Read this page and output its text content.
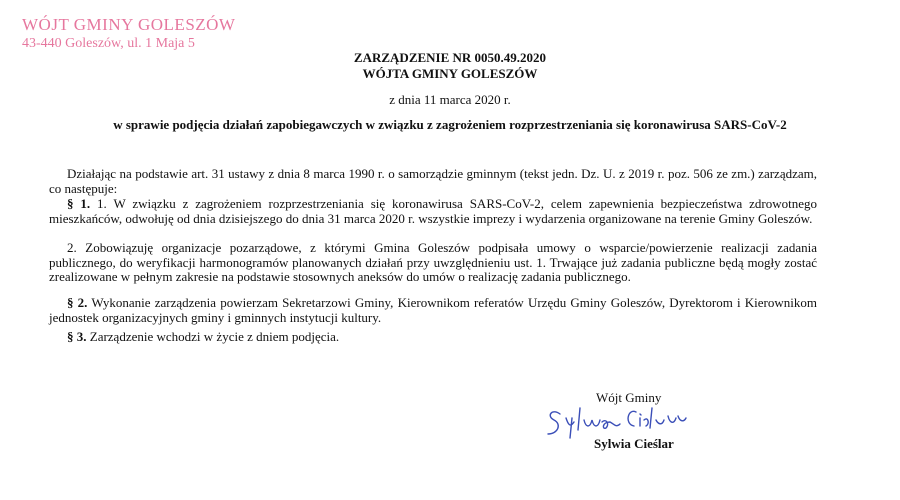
WÓJT GMINY GOLESZÓW
43-440 Goleszów, ul. 1 Maja 5
ZARZĄDZENIE NR 0050.49.2020
WÓJTA GMINY GOLESZÓW
z dnia 11 marca 2020 r.
w sprawie podjęcia działań zapobiegawczych w związku z zagrożeniem rozprzestrzeniania się koronawirusa SARS-CoV-2

Działając na podstawie art. 31 ustawy z dnia 8 marca 1990 r. o samorządzie gminnym (tekst jedn. Dz. U. z 2019 r. poz. 506 ze zm.) zarządzam, co następuje:

§ 1. 1. W związku z zagrożeniem rozprzestrzeniania się koronawirusa SARS-CoV-2, celem zapewnienia bezpieczeństwa zdrowotnego mieszkańców, odwołuję od dnia dzisiejszego do dnia 31 marca 2020 r. wszystkie imprezy i wydarzenia organizowane na terenie Gminy Goleszów.

2. Zobowiązuję organizacje pozarządowe, z którymi Gmina Goleszów podpisała umowy o wsparcie/powierzenie realizacji zadania publicznego, do weryfikacji harmonogramów planowanych działań przy uwzględnieniu ust. 1. Trwające już zadania publiczne będą mogły zostać zrealizowane w pełnym zakresie na podstawie stosownych aneksów do umów o realizację zadania publicznego.

§ 2. Wykonanie zarządzenia powierzam Sekretarzowi Gminy, Kierownikom referatów Urzędu Gminy Goleszów, Dyrektorom i Kierownikom jednostek organizacyjnych gminy i gminnych instytucji kultury.

§ 3. Zarządzenie wchodzi w życie z dniem podjęcia.

Wójt Gminy
Sylwia Cieślar
